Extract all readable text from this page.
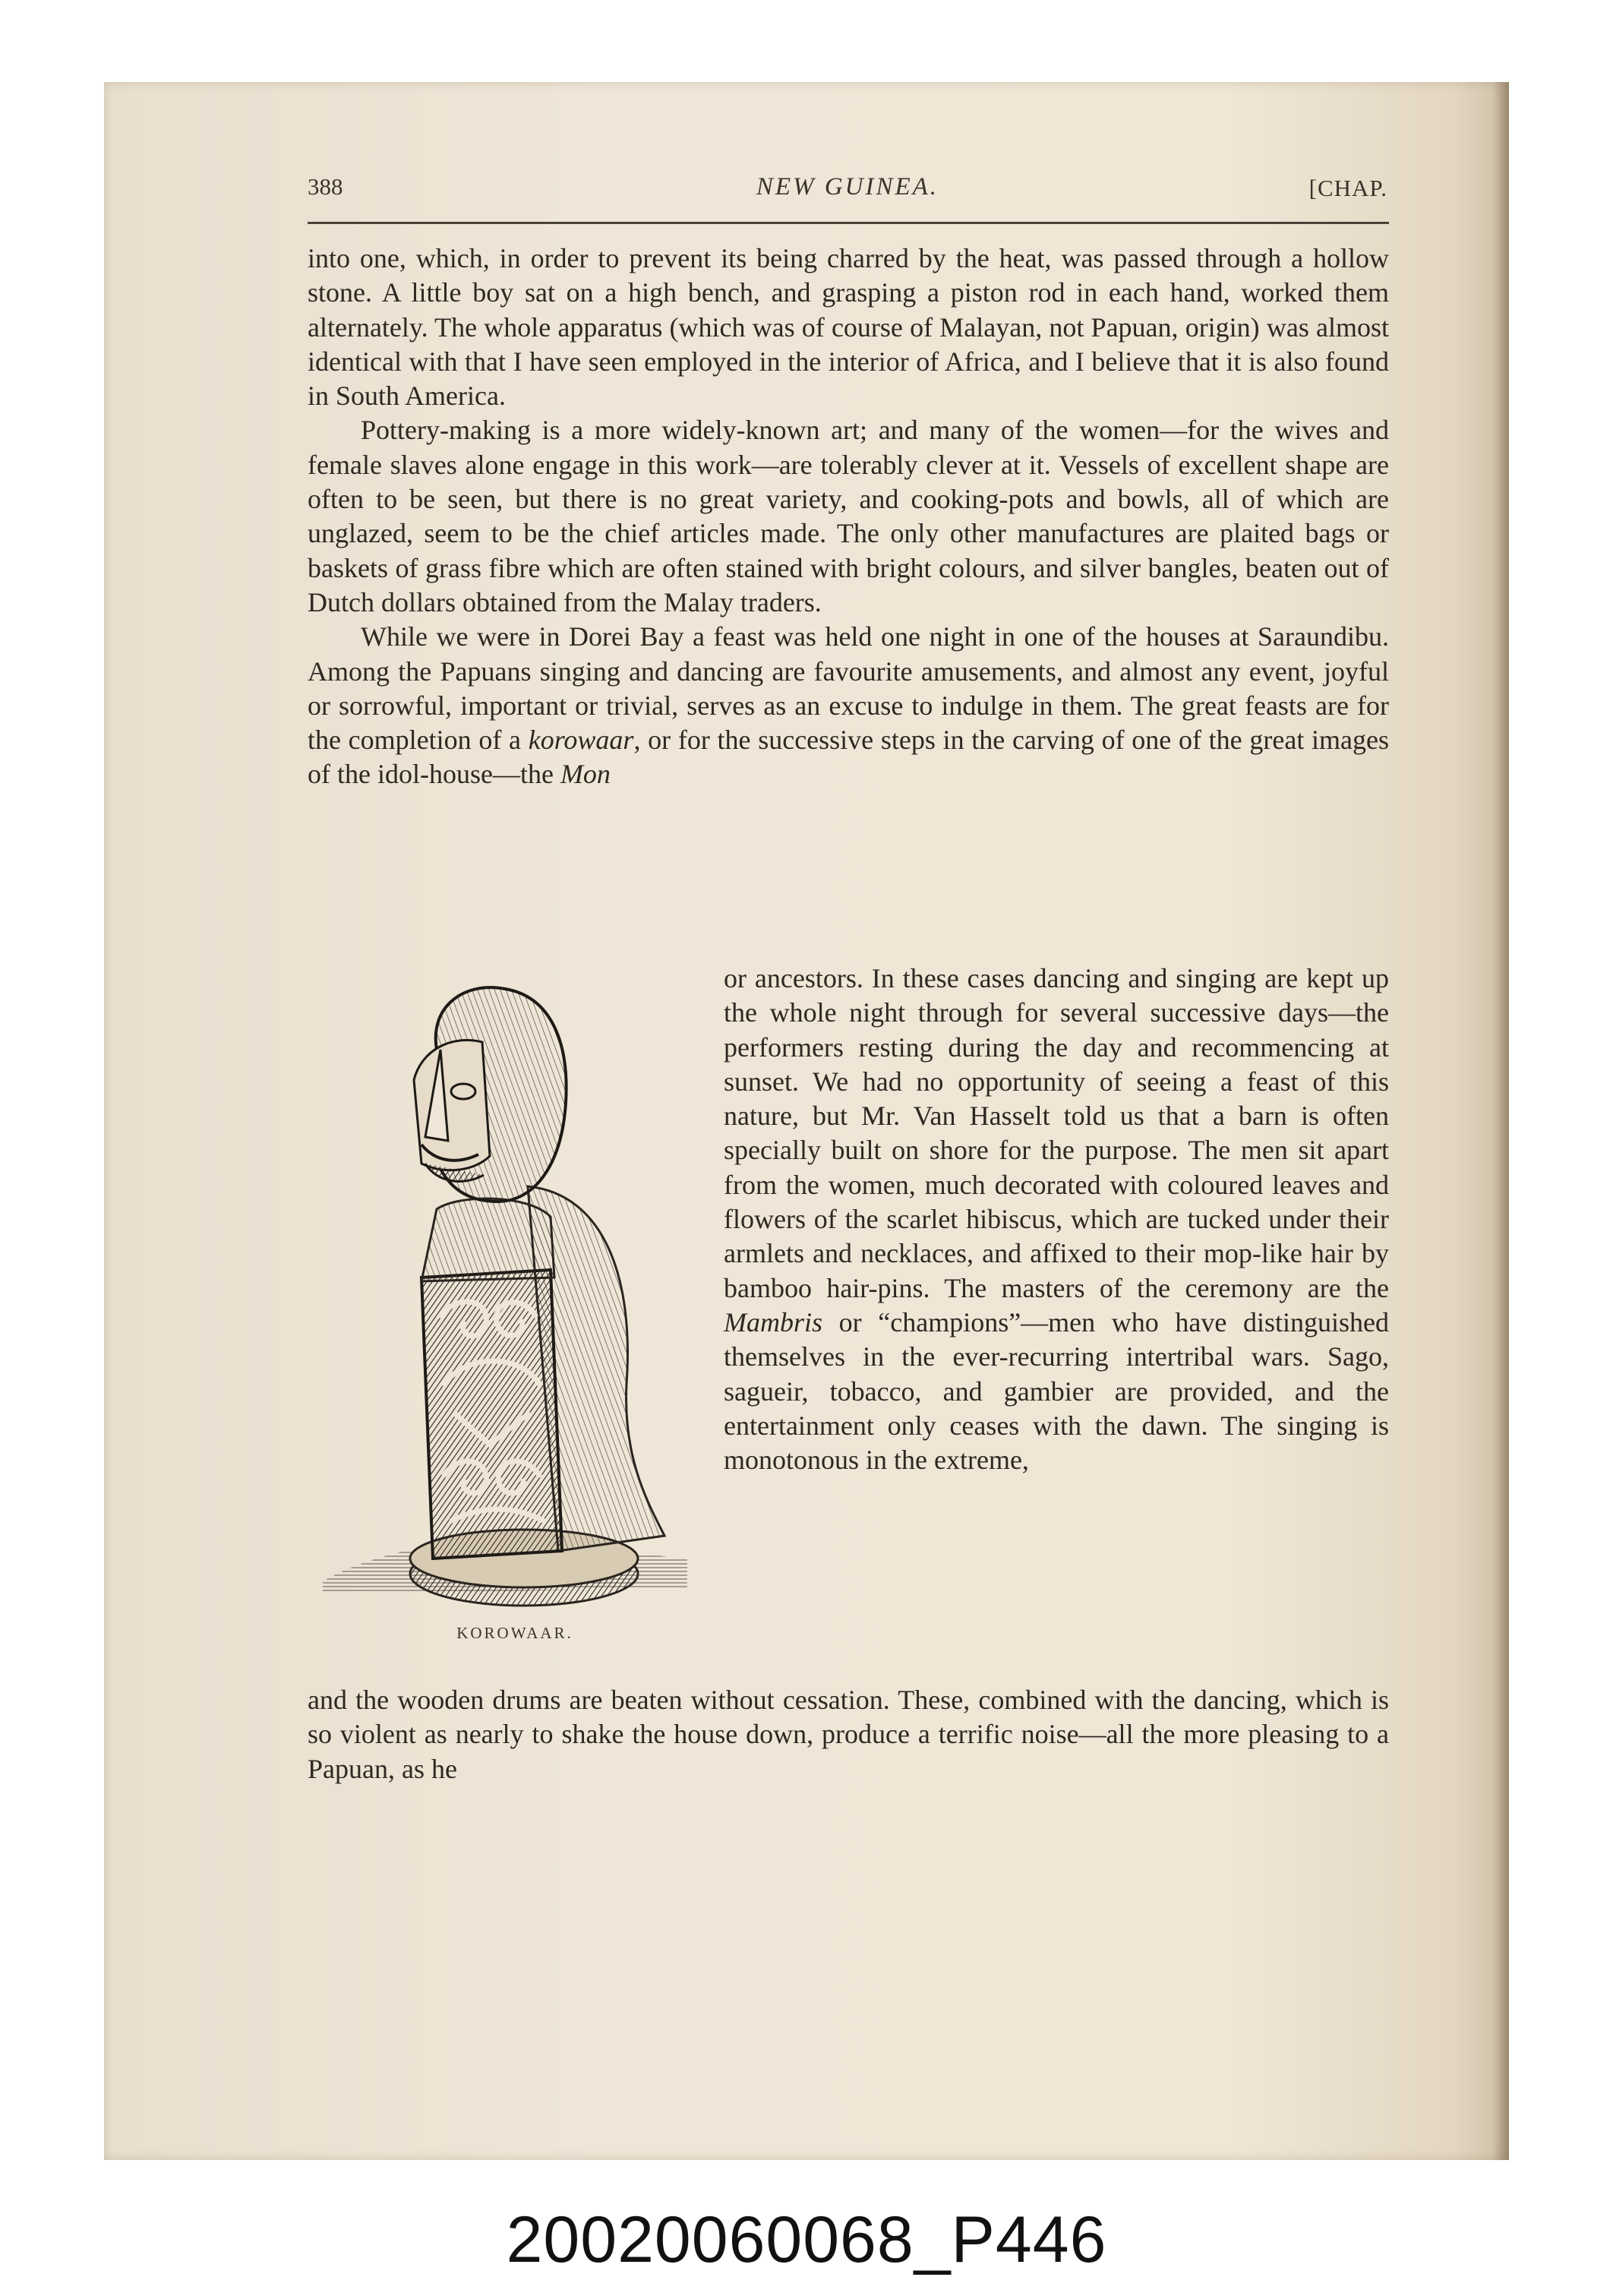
388	NEW GUINEA.	[CHAP.

into one, which, in order to prevent its being charred by the heat, was passed through a hollow stone. A little boy sat on a high bench, and grasping a piston rod in each hand, worked them alternately. The whole apparatus (which was of course of Malayan, not Papuan, origin) was almost identical with that I have seen employed in the interior of Africa, and I believe that it is also found in South America.

Pottery-making is a more widely-known art; and many of the women—for the wives and female slaves alone engage in this work—are tolerably clever at it. Vessels of excellent shape are often to be seen, but there is no great variety, and cooking-pots and bowls, all of which are unglazed, seem to be the chief articles made. The only other manufactures are plaited bags or baskets of grass fibre which are often stained with bright colours, and silver bangles, beaten out of Dutch dollars obtained from the Malay traders.

While we were in Dorei Bay a feast was held one night in one of the houses at Saraundibu. Among the Papuans singing and dancing are favourite amusements, and almost any event, joyful or sorrowful, important or trivial, serves as an excuse to indulge in them. The great feasts are for the completion of a korowaar, or for the successive steps in the carving of one of the great images of the idol-house—the Mon

KOROWAAR.

or ancestors. In these cases dancing and singing are kept up the whole night through for several successive days—the performers resting during the day and recommencing at sunset. We had no opportunity of seeing a feast of this nature, but Mr. Van Hasselt told us that a barn is often specially built on shore for the purpose. The men sit apart from the women, much decorated with coloured leaves and flowers of the scarlet hibiscus, which are tucked under their armlets and necklaces, and affixed to their mop-like hair by bamboo hair-pins. The masters of the ceremony are the Mambris or “champions”—men who have distinguished themselves in the ever-recurring intertribal wars. Sago, sagueir, tobacco, and gambier are provided, and the entertainment only ceases with the dawn. The singing is monotonous in the extreme,

and the wooden drums are beaten without cessation. These, combined with the dancing, which is so violent as nearly to shake the house down, produce a terrific noise—all the more pleasing to a Papuan, as he

20020060068_P446
